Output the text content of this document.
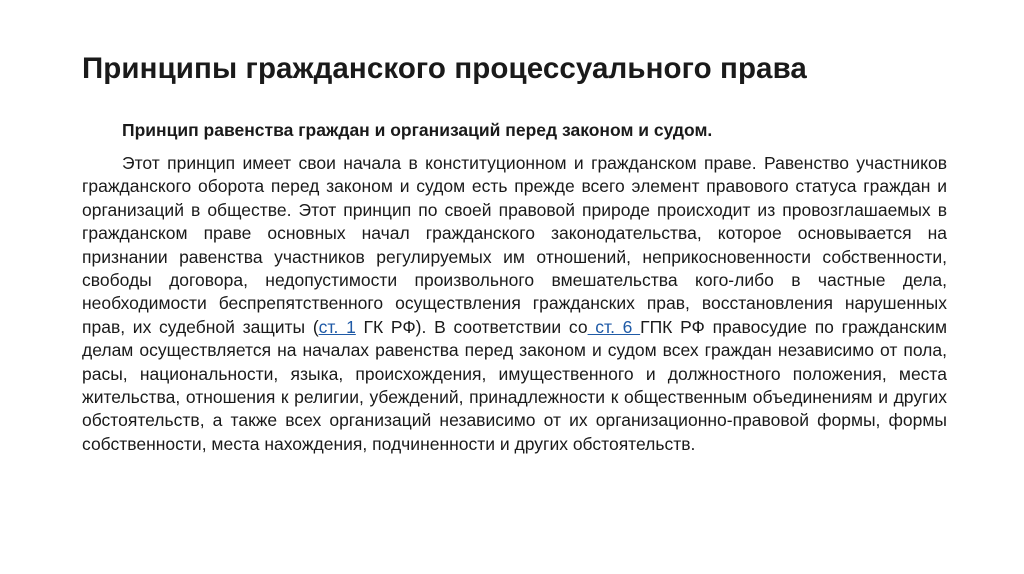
Принципы гражданского процессуального права

Принцип равенства граждан и организаций перед законом и судом.

Этот принцип имеет свои начала в конституционном и гражданском праве. Равенство участников гражданского оборота перед законом и судом есть прежде всего элемент правового статуса граждан и организаций в обществе. Этот принцип по своей правовой природе происходит из провозглашаемых в гражданском праве основных начал гражданского законодательства, которое основывается на признании равенства участников регулируемых им отношений, неприкосновенности собственности, свободы договора, недопустимости произвольного вмешательства кого-либо в частные дела, необходимости беспрепятственного осуществления гражданских прав, восстановления нарушенных прав, их судебной защиты (ст. 1 ГК РФ). В соответствии со ст. 6 ГПК РФ правосудие по гражданским делам осуществляется на началах равенства перед законом и судом всех граждан независимо от пола, расы, национальности, языка, происхождения, имущественного и должностного положения, места жительства, отношения к религии, убеждений, принадлежности к общественным объединениям и других обстоятельств, а также всех организаций независимо от их организационно-правовой формы, формы собственности, места нахождения, подчиненности и других обстоятельств.
